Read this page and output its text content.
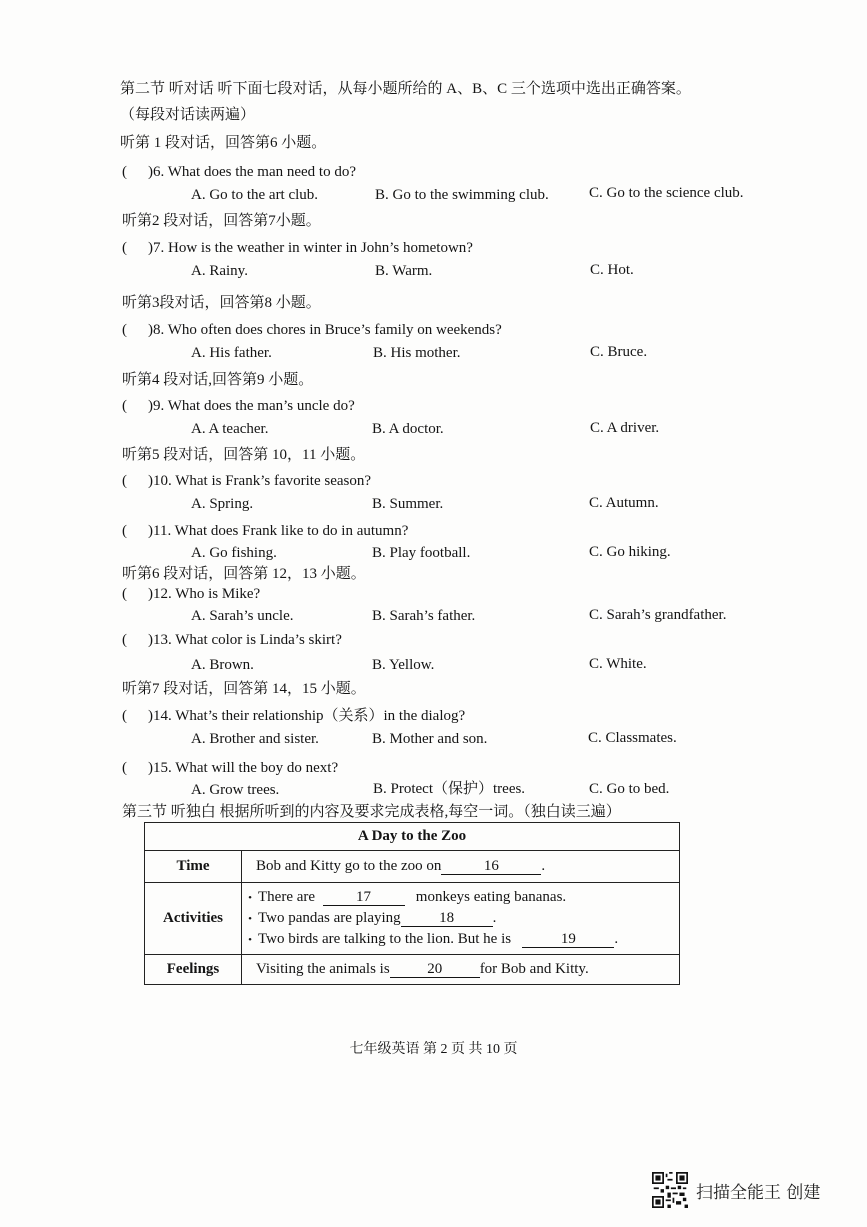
第二节 听对话 听下面七段对话，从每小题所给的 A、B、C 三个选项中选出正确答案。
（每段对话读两遍）
听第 1 段对话，回答第6 小题。
( )6. What does the man need to do?
A. Go to the art club.	B. Go to the swimming club.	C. Go to the science club.
听第2 段对话，回答第7小题。
( )7. How is the weather in winter in John’s hometown?
A. Rainy.	B. Warm.	C. Hot.
听第3段对话，回答第8 小题。
( )8. Who often does chores in Bruce’s family on weekends?
A. His father.	B. His mother.	C. Bruce.
听第4 段对话,回答第9 小题。
( )9. What does the man’s uncle do?
A. A teacher.	B. A doctor.	C. A driver.
听第5 段对话，回答第 10，11 小题。
( )10. What is Frank’s favorite season?
A. Spring.	B. Summer.	C. Autumn.
( )11. What does Frank like to do in autumn?
A. Go fishing.	B. Play football.	C. Go hiking.
听第6 段对话，回答第 12，13 小题。
( )12. Who is Mike?
A. Sarah’s uncle.	B. Sarah’s father.	C. Sarah’s grandfather.
( )13. What color is Linda’s skirt?
A. Brown.	B. Yellow.	C. White.
听第7 段对话，回答第 14，15 小题。
( )14. What’s their relationship（关系）in the dialog?
A. Brother and sister.	B. Mother and son.	C. Classmates.
( )15. What will the boy do next?
A. Grow trees.	B. Protect（保护）trees.	C. Go to bed.
第三节 听独白 根据所听到的内容及要求完成表格,每空一词。（独白读三遍）
A Day to the Zoo	
Time	Bob and Kitty go to the zoo on 16 .
Activities	• There are 17 monkeys eating bananas.
• Two pandas are playing 18 .
• Two birds are talking to the lion. But he is 19 .

Feelings	Visiting the animals is 20 for Bob and Kitty.
七年级英语 第 2 页 共 10 页
扫描全能王 创建
